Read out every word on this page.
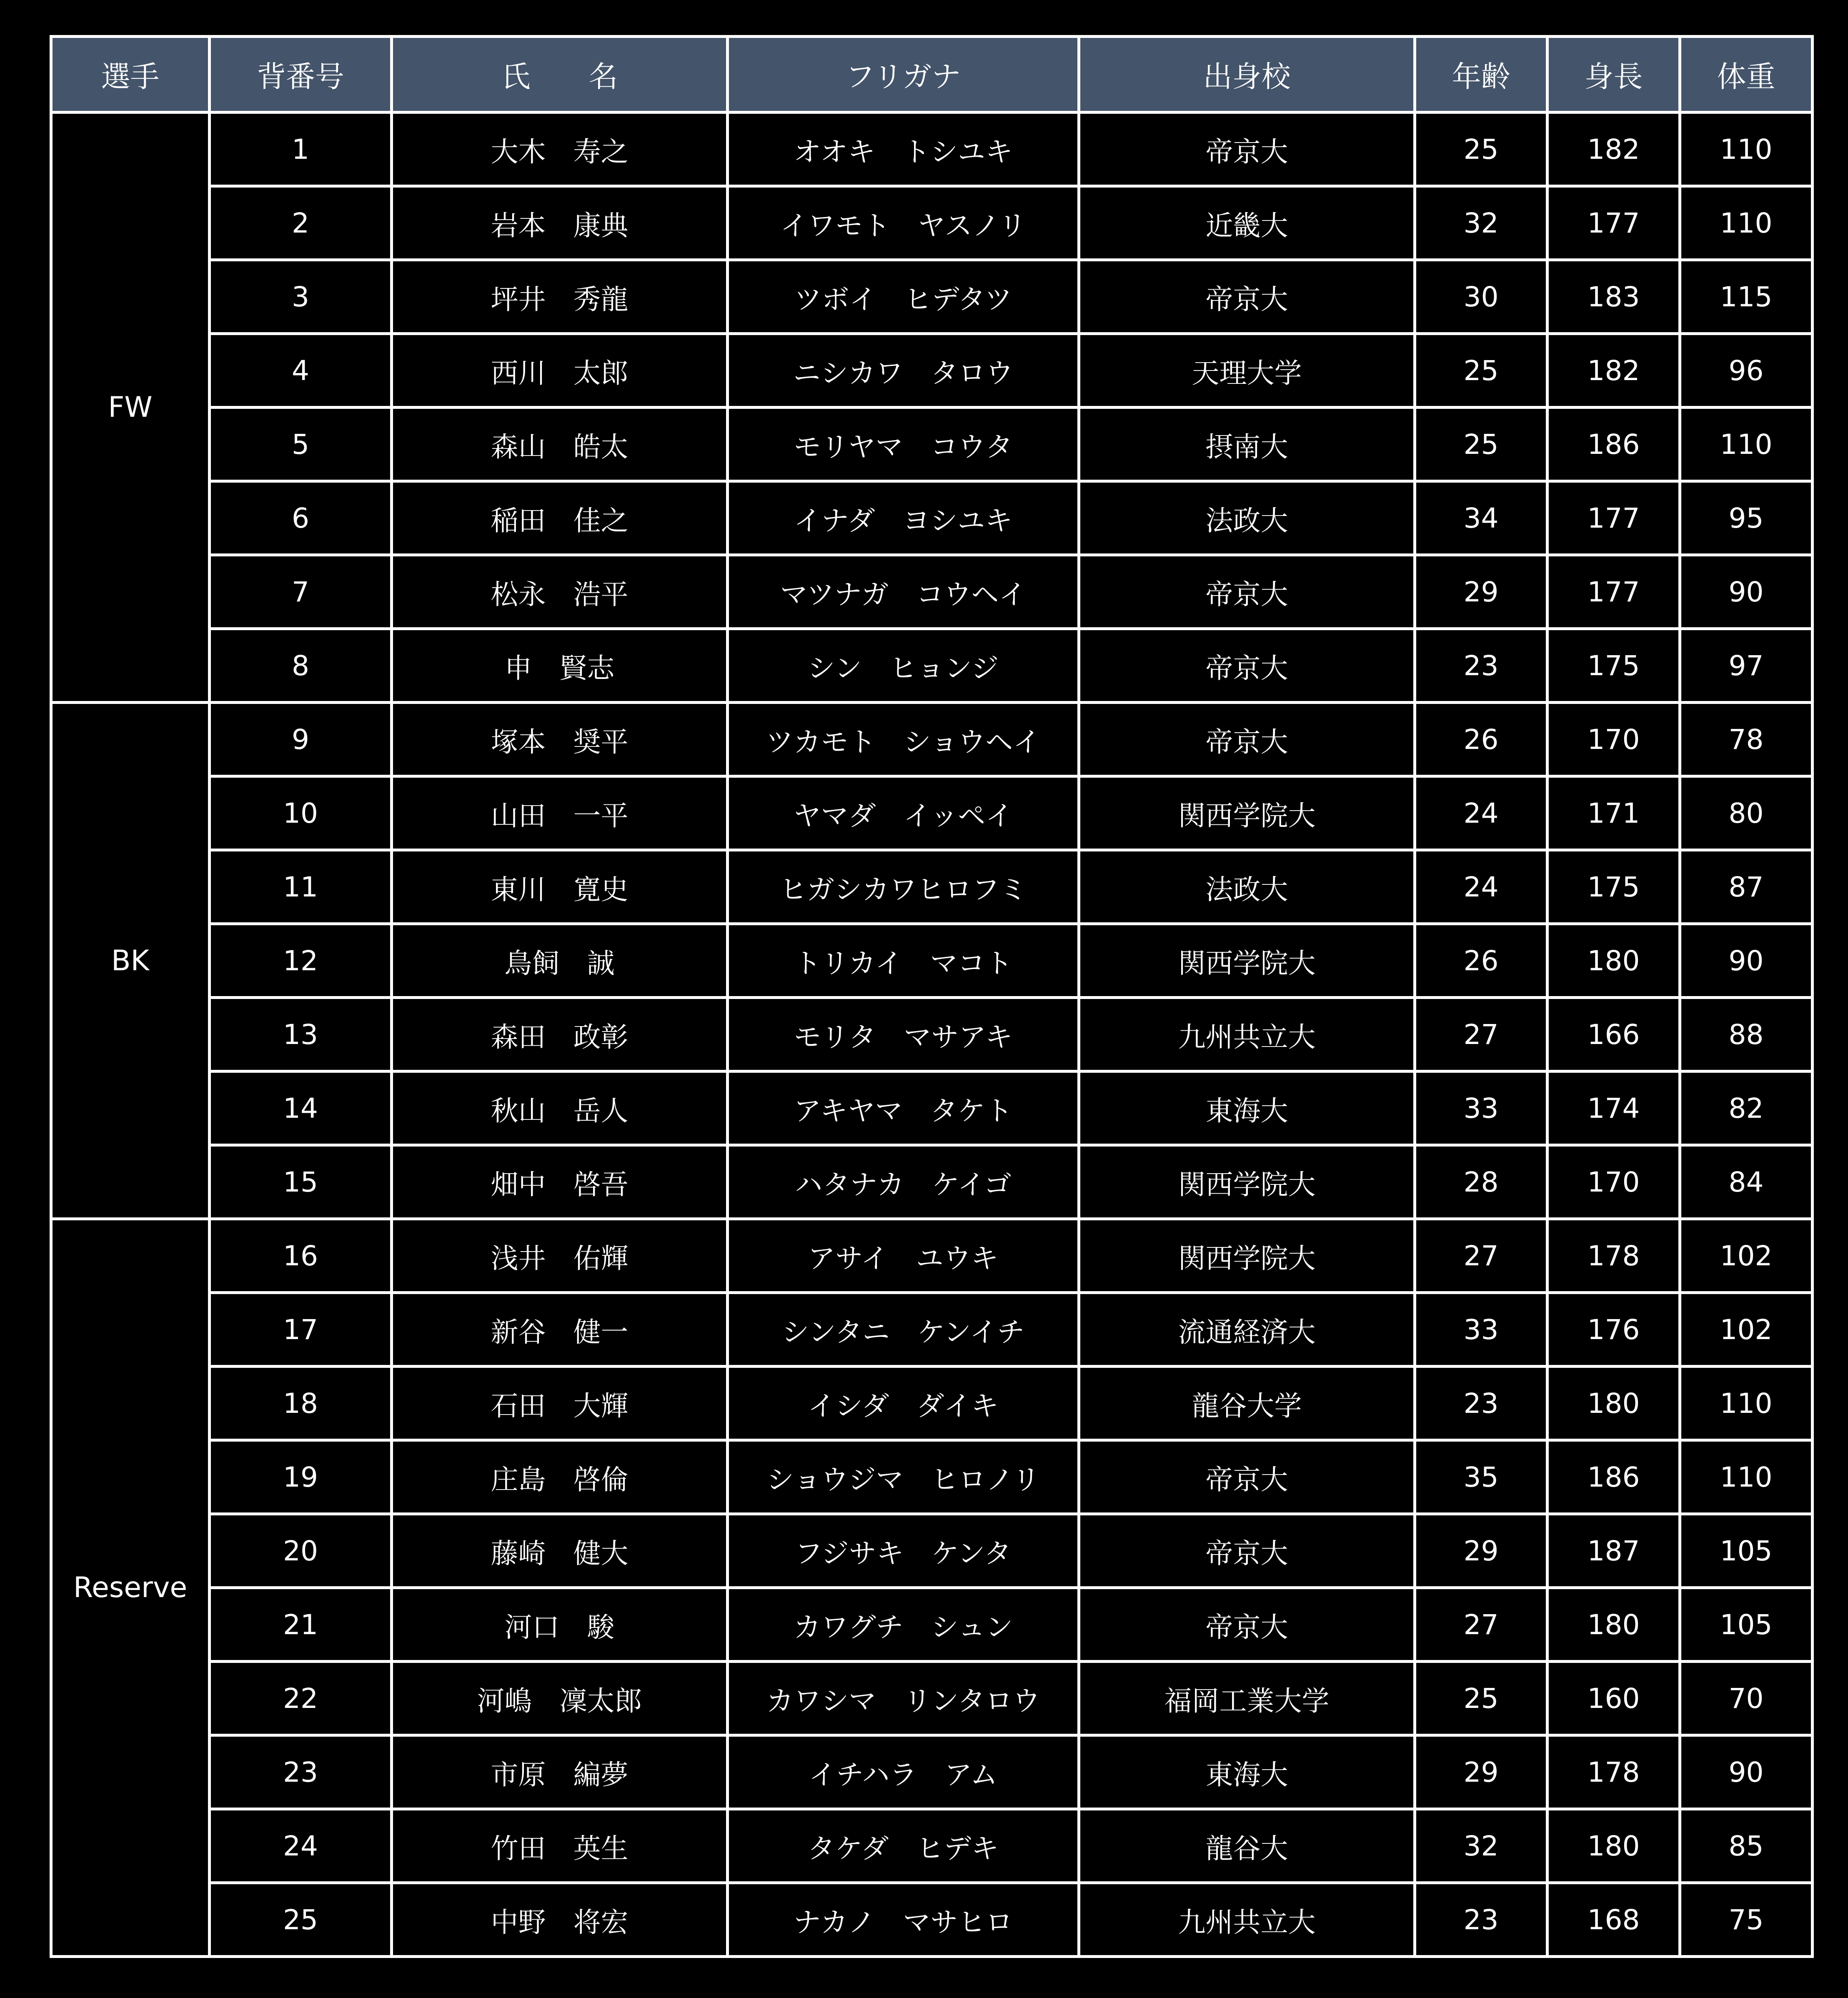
選手	背番号	氏　　名	フリガナ	出身校	年齢	身長	体重
FW	1	大木　寿之	オオキ　トシユキ	帝京大	25	182	110
	2	岩本　康典	イワモト　ヤスノリ	近畿大	32	177	110
	3	坪井　秀龍	ツボイ　ヒデタツ	帝京大	30	183	115
	4	西川　太郎	ニシカワ　タロウ	天理大学	25	182	96
	5	森山　皓太	モリヤマ　コウタ	摂南大	25	186	110
	6	稲田　佳之	イナダ　ヨシユキ	法政大	34	177	95
	7	松永　浩平	マツナガ　コウヘイ	帝京大	29	177	90
	8	申　賢志	シン　ヒョンジ	帝京大	23	175	97
BK	9	塚本　奨平	ツカモト　ショウヘイ	帝京大	26	170	78
	10	山田　一平	ヤマダ　イッペイ	関西学院大	24	171	80
	11	東川　寛史	ヒガシカワヒロフミ	法政大	24	175	87
	12	鳥飼　誠	トリカイ　マコト	関西学院大	26	180	90
	13	森田　政彰	モリタ　マサアキ	九州共立大	27	166	88
	14	秋山　岳人	アキヤマ　タケト	東海大	33	174	82
	15	畑中　啓吾	ハタナカ　ケイゴ	関西学院大	28	170	84
Reserve	16	浅井　佑輝	アサイ　ユウキ	関西学院大	27	178	102
	17	新谷　健一	シンタニ　ケンイチ	流通経済大	33	176	102
	18	石田　大輝	イシダ　ダイキ	龍谷大学	23	180	110
	19	庄島　啓倫	ショウジマ　ヒロノリ	帝京大	35	186	110
	20	藤崎　健大	フジサキ　ケンタ	帝京大	29	187	105
	21	河口　駿	カワグチ　シュン	帝京大	27	180	105
	22	河嶋　凜太郎	カワシマ　リンタロウ	福岡工業大学	25	160	70
	23	市原　編夢	イチハラ　アム	東海大	29	178	90
	24	竹田　英生	タケダ　ヒデキ	龍谷大	32	180	85
	25	中野　将宏	ナカノ　マサヒロ	九州共立大	23	168	75
